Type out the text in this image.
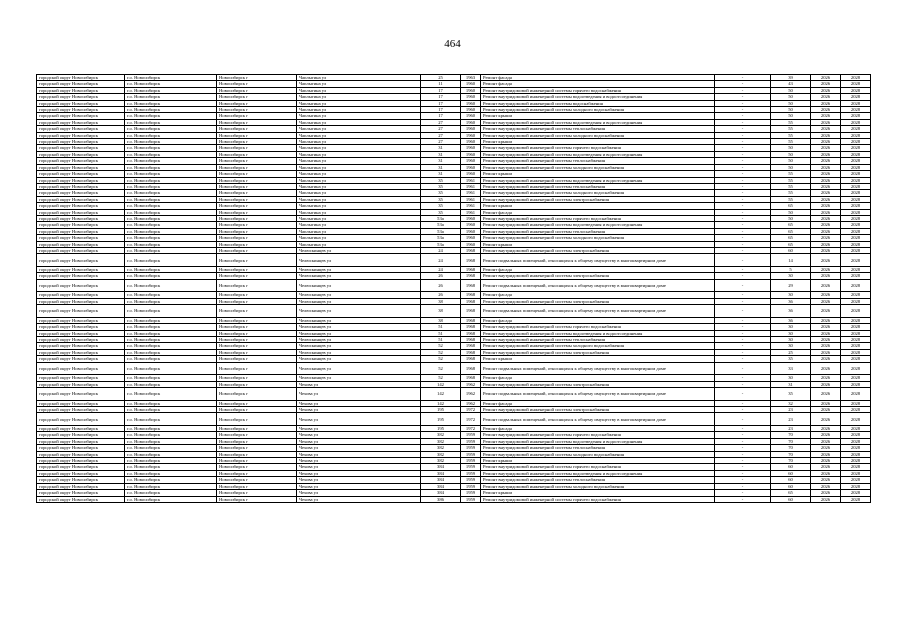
464
городской округ Новосибирск	г.о. Новосибирск	Новосибирск г	Чаплыгина ул	25	1963	Ремонт фасада	-	39	2026	2028
городской округ Новосибирск	г.о. Новосибирск	Новосибирск г	Чаплыгина ул	11	1960	Ремонт фасада	-	43	2026	2028
городской округ Новосибирск	г.о. Новосибирск	Новосибирск г	Чаплыгина ул	17	1960	Ремонт внутридомовой инженерной системы горячего водоснабжения	-	50	2026	2028
городской округ Новосибирск	г.о. Новосибирск	Новосибирск г	Чаплыгина ул	17	1960	Ремонт внутридомовой инженерной системы водоотведения и водоотсоединения	-	50	2026	2028
городской округ Новосибирск	г.о. Новосибирск	Новосибирск г	Чаплыгина ул	17	1960	Ремонт внутридомовой инженерной системы водоснабжения	-	50	2026	2028
городской округ Новосибирск	г.о. Новосибирск	Новосибирск г	Чаплыгина ул	17	1960	Ремонт внутридомовой инженерной системы холодного водоснабжения	-	50	2026	2028
городской округ Новосибирск	г.о. Новосибирск	Новосибирск г	Чаплыгина ул	17	1960	Ремонт крыши	-	50	2026	2028
городской округ Новосибирск	г.о. Новосибирск	Новосибирск г	Чаплыгина ул	27	1960	Ремонт внутридомовой инженерной системы водоотведения и водоотсоединения	-	55	2026	2028
городской округ Новосибирск	г.о. Новосибирск	Новосибирск г	Чаплыгина ул	27	1960	Ремонт внутридомовой инженерной системы теплоснабжения	-	55	2026	2028
городской округ Новосибирск	г.о. Новосибирск	Новосибирск г	Чаплыгина ул	27	1960	Ремонт внутридомовой инженерной системы холодного водоснабжения	-	55	2026	2028
городской округ Новосибирск	г.о. Новосибирск	Новосибирск г	Чаплыгина ул	27	1960	Ремонт крыши	-	55	2026	2028
городской округ Новосибирск	г.о. Новосибирск	Новосибирск г	Чаплыгина ул	31	1960	Ремонт внутридомовой инженерной системы горячего водоснабжения	-	50	2026	2028
городской округ Новосибирск	г.о. Новосибирск	Новосибирск г	Чаплыгина ул	31	1960	Ремонт внутридомовой инженерной системы водоотведения и водоотсоединения	-	50	2026	2028
городской округ Новосибирск	г.о. Новосибирск	Новосибирск г	Чаплыгина ул	31	1960	Ремонт внутридомовой инженерной системы теплоснабжения	-	50	2026	2028
городской округ Новосибирск	г.о. Новосибирск	Новосибирск г	Чаплыгина ул	31	1960	Ремонт внутридомовой инженерной системы холодного водоснабжения	-	50	2026	2028
городской округ Новосибирск	г.о. Новосибирск	Новосибирск г	Чаплыгина ул	31	1960	Ремонт крыши	-	55	2026	2028
городской округ Новосибирск	г.о. Новосибирск	Новосибирск г	Чаплыгина ул	35	1961	Ремонт внутридомовой инженерной системы водоотведения и водоотсоединения	-	55	2026	2028
городской округ Новосибирск	г.о. Новосибирск	Новосибирск г	Чаплыгина ул	35	1961	Ремонт внутридомовой инженерной системы теплоснабжения	-	55	2026	2028
городской округ Новосибирск	г.о. Новосибирск	Новосибирск г	Чаплыгина ул	35	1961	Ремонт внутридомовой инженерной системы холодного водоснабжения	-	55	2026	2028
городской округ Новосибирск	г.о. Новосибирск	Новосибирск г	Чаплыгина ул	35	1961	Ремонт внутридомовой инженерной системы электроснабжения	-	55	2026	2028
городской округ Новосибирск	г.о. Новосибирск	Новосибирск г	Чаплыгина ул	35	1961	Ремонт крыши	-	65	2026	2028
городской округ Новосибирск	г.о. Новосибирск	Новосибирск г	Чаплыгина ул	35	1961	Ремонт фасада	-	50	2026	2028
городской округ Новосибирск	г.о. Новосибирск	Новосибирск г	Чаплыгина ул	53а	1960	Ремонт внутридомовой инженерной системы горячего водоснабжения	-	50	2026	2028
городской округ Новосибирск	г.о. Новосибирск	Новосибирск г	Чаплыгина ул	53а	1960	Ремонт внутридомовой инженерной системы водоотведения и водоотсоединения	-	65	2026	2028
городской округ Новосибирск	г.о. Новосибирск	Новосибирск г	Чаплыгина ул	53а	1960	Ремонт внутридомовой инженерной системы теплоснабжения	-	65	2026	2028
городской округ Новосибирск	г.о. Новосибирск	Новосибирск г	Чаплыгина ул	53а	1960	Ремонт внутридомовой инженерной системы холодного водоснабжения	-	65	2026	2028
городской округ Новосибирск	г.о. Новосибирск	Новосибирск г	Чаплыгина ул	53а	1960	Ремонт крыши	-	65	2026	2028
городской округ Новосибирск	г.о. Новосибирск	Новосибирск г	Челюскинцев ул	24	1968	Ремонт внутридомовой инженерной системы электроснабжения	-	60	2026	2028
городской округ Новосибирск	г.о. Новосибирск	Новосибирск г	Челюскинцев ул	24	1968	Ремонт подвальных помещений, относящихся к общему имуществу в многоквартирном доме	-	14	2026	2028
городской округ Новосибирск	г.о. Новосибирск	Новосибирск г	Челюскинцев ул	24	1968	Ремонт фасада	-	5	2026	2028
городской округ Новосибирск	г.о. Новосибирск	Новосибирск г	Челюскинцев ул	26	1968	Ремонт внутридомовой инженерной системы электроснабжения	-	30	2026	2028
городской округ Новосибирск	г.о. Новосибирск	Новосибирск г	Челюскинцев ул	26	1968	Ремонт подвальных помещений, относящихся к общему имуществу в многоквартирном доме	-	29	2026	2028
городской округ Новосибирск	г.о. Новосибирск	Новосибирск г	Челюскинцев ул	26	1968	Ремонт фасада	-	30	2026	2028
городской округ Новосибирск	г.о. Новосибирск	Новосибирск г	Челюскинцев ул	38	1968	Ремонт внутридомовой инженерной системы электроснабжения	-	36	2026	2028
городской округ Новосибирск	г.о. Новосибирск	Новосибирск г	Челюскинцев ул	38	1968	Ремонт подвальных помещений, относящихся к общему имуществу в многоквартирном доме	-	36	2026	2028
городской округ Новосибирск	г.о. Новосибирск	Новосибирск г	Челюскинцев ул	38	1968	Ремонт фасада	-	36	2026	2028
городской округ Новосибирск	г.о. Новосибирск	Новосибирск г	Челюскинцев ул	51	1968	Ремонт внутридомовой инженерной системы горячего водоснабжения	-	30	2026	2028
городской округ Новосибирск	г.о. Новосибирск	Новосибирск г	Челюскинцев ул	51	1968	Ремонт внутридомовой инженерной системы водоотведения и водоотсоединения	-	30	2026	2028
городской округ Новосибирск	г.о. Новосибирск	Новосибирск г	Челюскинцев ул	51	1968	Ремонт внутридомовой инженерной системы теплоснабжения	-	30	2026	2028
городской округ Новосибирск	г.о. Новосибирск	Новосибирск г	Челюскинцев ул	52	1968	Ремонт внутридомовой инженерной системы холодного водоснабжения	-	30	2026	2028
городской округ Новосибирск	г.о. Новосибирск	Новосибирск г	Челюскинцев ул	52	1968	Ремонт внутридомовой инженерной системы электроснабжения	-	25	2026	2028
городской округ Новосибирск	г.о. Новосибирск	Новосибирск г	Челюскинцев ул	52	1968	Ремонт крыши	-	35	2026	2028
городской округ Новосибирск	г.о. Новосибирск	Новосибирск г	Челюскинцев ул	52	1968	Ремонт подвальных помещений, относящихся к общему имуществу в многоквартирном доме	-	33	2026	2028
городской округ Новосибирск	г.о. Новосибирск	Новосибирск г	Челюскинцев ул	52	1968	Ремонт фасада	-	30	2026	2028
городской округ Новосибирск	г.о. Новосибирск	Новосибирск г	Чехова ул	142	1962	Ремонт внутридомовой инженерной системы электроснабжения	-	31	2026	2028
городской округ Новосибирск	г.о. Новосибирск	Новосибирск г	Чехова ул	142	1962	Ремонт подвальных помещений, относящихся к общему имуществу в многоквартирном доме	-	35	2026	2028
городской округ Новосибирск	г.о. Новосибирск	Новосибирск г	Чехова ул	142	1962	Ремонт фасада	-	32	2026	2028
городской округ Новосибирск	г.о. Новосибирск	Новосибирск г	Чехова ул	195	1972	Ремонт внутридомовой инженерной системы электроснабжения	-	23	2026	2028
городской округ Новосибирск	г.о. Новосибирск	Новосибирск г	Чехова ул	195	1972	Ремонт подвальных помещений, относящихся к общему имуществу в многоквартирном доме	-	23	2026	2028
городской округ Новосибирск	г.о. Новосибирск	Новосибирск г	Чехова ул	195	1972	Ремонт фасада	-	23	2026	2028
городской округ Новосибирск	г.о. Новосибирск	Новосибирск г	Чехова ул	382	1959	Ремонт внутридомовой инженерной системы горячего водоснабжения	-	70	2026	2028
городской округ Новосибирск	г.о. Новосибирск	Новосибирск г	Чехова ул	382	1959	Ремонт внутридомовой инженерной системы водоотведения и водоотсоединения	-	70	2026	2028
городской округ Новосибирск	г.о. Новосибирск	Новосибирск г	Чехова ул	382	1959	Ремонт внутридомовой инженерной системы теплоснабжения	-	70	2026	2028
городской округ Новосибирск	г.о. Новосибирск	Новосибирск г	Чехова ул	382	1959	Ремонт внутридомовой инженерной системы холодного водоснабжения	-	70	2026	2028
городской округ Новосибирск	г.о. Новосибирск	Новосибирск г	Чехова ул	382	1959	Ремонт крыши	-	70	2026	2028
городской округ Новосибирск	г.о. Новосибирск	Новосибирск г	Чехова ул	384	1959	Ремонт внутридомовой инженерной системы горячего водоснабжения	-	60	2026	2028
городской округ Новосибирск	г.о. Новосибирск	Новосибирск г	Чехова ул	384	1959	Ремонт внутридомовой инженерной системы водоотведения и водоотсоединения	-	60	2026	2028
городской округ Новосибирск	г.о. Новосибирск	Новосибирск г	Чехова ул	384	1959	Ремонт внутридомовой инженерной системы теплоснабжения	-	60	2026	2028
городской округ Новосибирск	г.о. Новосибирск	Новосибирск г	Чехова ул	384	1959	Ремонт внутридомовой инженерной системы холодного водоснабжения	-	60	2026	2028
городской округ Новосибирск	г.о. Новосибирск	Новосибирск г	Чехова ул	384	1959	Ремонт крыши	-	65	2026	2028
городской округ Новосибирск	г.о. Новосибирск	Новосибирск г	Чехова ул	386	1959	Ремонт внутридомовой инженерной системы горячего водоснабжения	-	60	2026	2028
